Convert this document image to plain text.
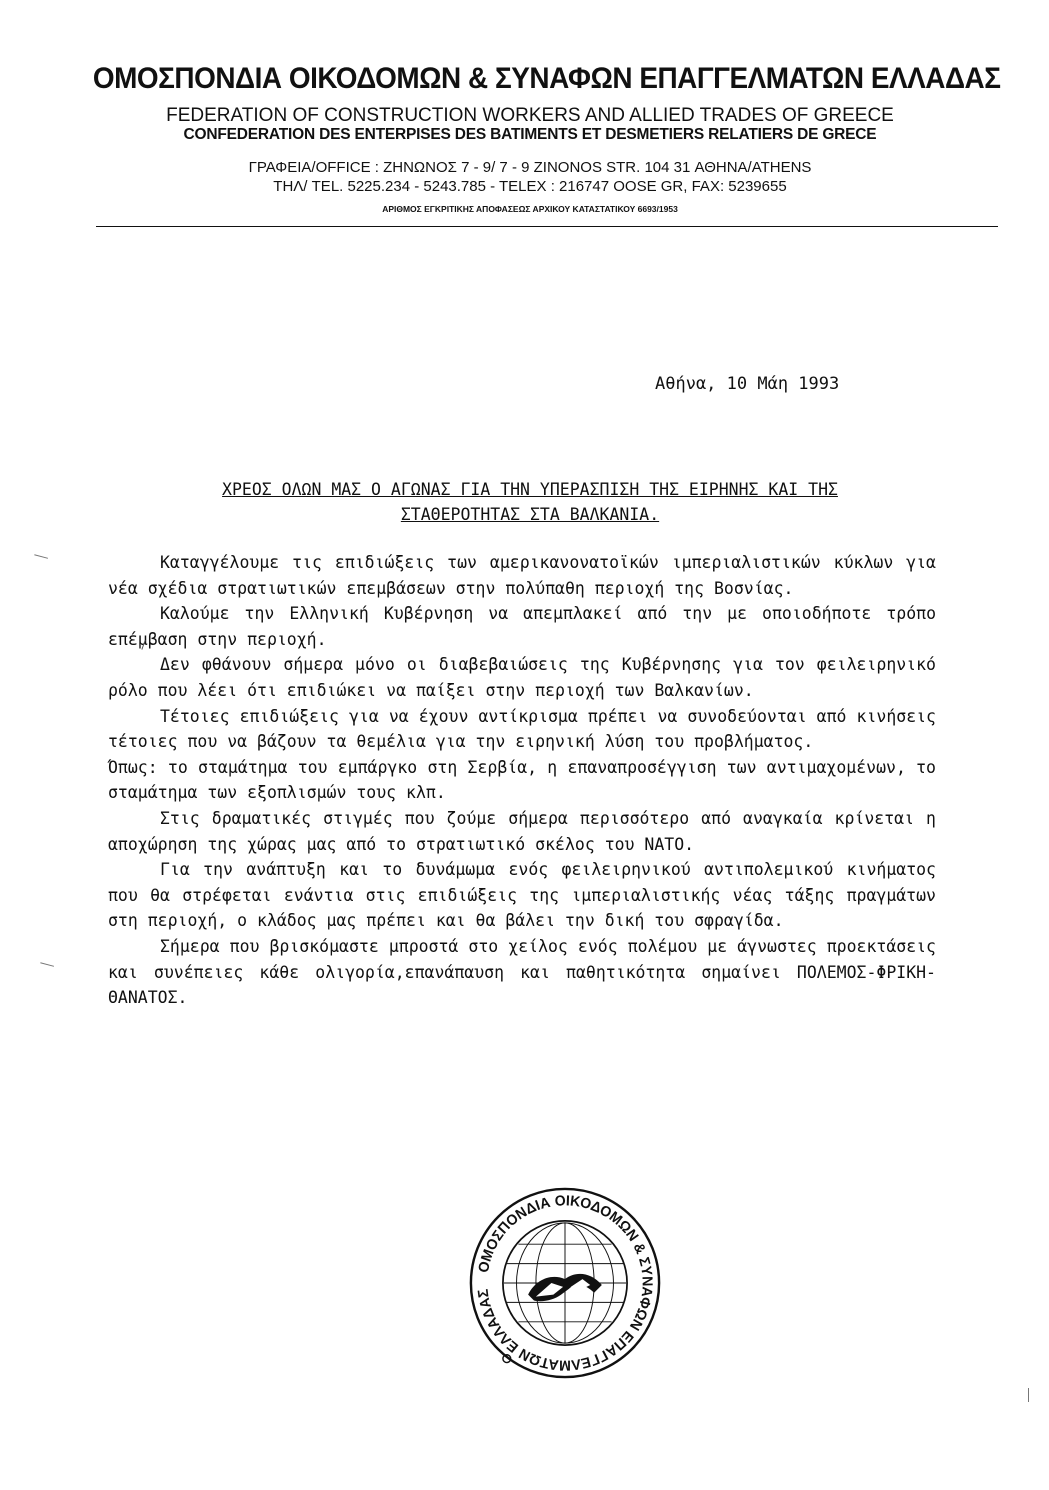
ΟΜΟΣΠΟΝΔΙΑ ΟΙΚΟΔΟΜΩΝ & ΣΥΝΑΦΩΝ ΕΠΑΓΓΕΛΜΑΤΩΝ ΕΛΛΑΔΑΣ
FEDERATION OF CONSTRUCTION WORKERS AND ALLIED TRADES OF GREECE
CONFEDERATION DES ENTERPISES DES BATIMENTS ET DESMETIERS RELATIERS DE GRECE
ΓΡΑΦΕΙΑ/OFFICE : ΖΗΝΩΝΟΣ 7 - 9/ 7 - 9 ZINONOS STR. 104 31 ΑΘΗΝΑ/ATHENS
ΤΗΛ/ TEL. 5225.234 - 5243.785 - TELEX : 216747 OOSE GR, FAX: 5239655
ΑΡΙΘΜΟΣ ΕΓΚΡΙΤΙΚΗΣ ΑΠΟΦΑΣΕΩΣ ΑΡΧΙΚΟΥ ΚΑΤΑΣΤΑΤΙΚΟΥ 6693/1953
Αθήνα, 10 Μάη 1993
ΧΡΕΟΣ ΟΛΩΝ ΜΑΣ Ο ΑΓΩΝΑΣ ΓΙΑ ΤΗΝ ΥΠΕΡΑΣΠΙΣΗ ΤΗΣ ΕΙΡΗΝΗΣ ΚΑΙ ΤΗΣ
ΣΤΑΘΕΡΟΤΗΤΑΣ ΣΤΑ ΒΑΛΚΑΝΙΑ.

Καταγγέλουμε τις επιδιώξεις των αμερικανονατοϊκών ιμπεριαλιστικών κύκλων για νέα σχέδια στρατιωτικών επεμβάσεων στην πολύπαθη περιοχή της Βοσνίας.

Καλούμε την Ελληνική Κυβέρνηση να απεμπλακεί από την με οποιοδήποτε τρόπο επέμβαση στην περιοχή.

Δεν φθάνουν σήμερα μόνο οι διαβεβαιώσεις της Κυβέρνησης για τον φειλειρηνικό ρόλο που λέει ότι επιδιώκει να παίξει στην περιοχή των Βαλκανίων.

Τέτοιες επιδιώξεις για να έχουν αντίκρισμα πρέπει να συνοδεύονται από κινήσεις τέτοιες που να βάζουν τα θεμέλια για την ειρηνική λύση του προβλήματος.

Όπως: το σταμάτημα του εμπάργκο στη Σερβία, η επαναπροσέγγιση των αντιμαχομένων, το σταμάτημα των εξοπλισμών τους κλπ.

Στις δραματικές στιγμές που ζούμε σήμερα περισσότερο από αναγκαία κρίνεται η αποχώρηση της χώρας μας από το στρατιωτικό σκέλος του ΝΑΤΟ.

Για την ανάπτυξη και το δυνάμωμα ενός φειλειρηνικού αντιπολεμικού κινήματος που θα στρέφεται ενάντια στις επιδιώξεις της ιμπεριαλιστικής νέας τάξης πραγμάτων στη περιοχή, ο κλάδος μας πρέπει και θα βάλει την δική του σφραγίδα.

Σήμερα που βρισκόμαστε μπροστά στο χείλος ενός πολέμου με άγνωστες προεκτάσεις και συνέπειες κάθε ολιγορία,επανάπαυση και παθητικότητα σημαίνει ΠΟΛΕΜΟΣ-ΦΡΙΚΗ-ΘΑΝΑΤΟΣ.

ΟΜΟΣΠΟΝΔΙΑ ΟΙΚΟΔΟΜΩΝ & ΣΥΝΑΦΩΝ ΕΠΑΓΓΕΛΜΑΤΩΝ ΕΛΛΑΔΑΣ
